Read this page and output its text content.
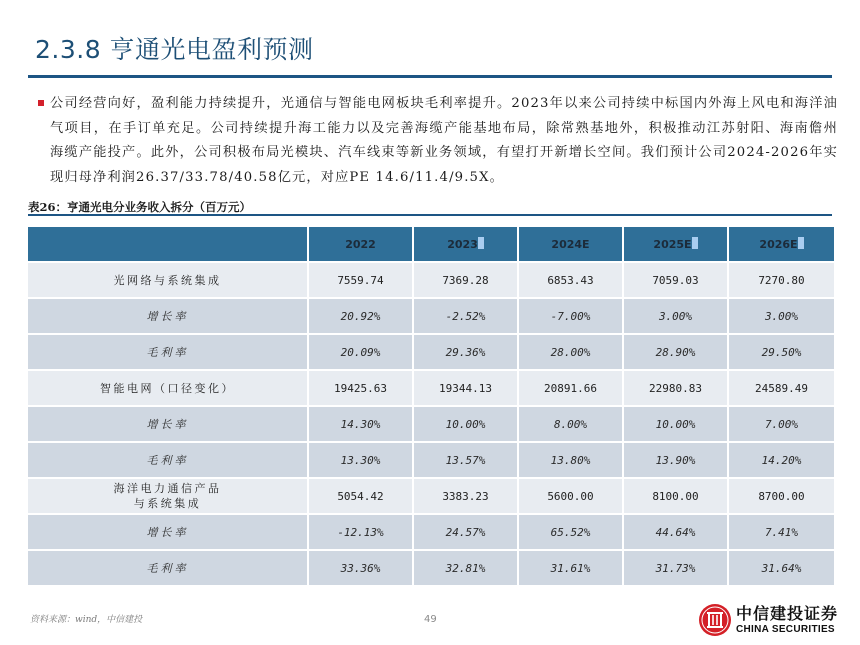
2.3.8 亨通光电盈利预测

公司经营向好，盈利能力持续提升，光通信与智能电网板块毛利率提升。2023年以来公司持续中标国内外海上风电和海洋油气项目，在手订单充足。公司持续提升海工能力以及完善海缆产能基地布局，除常熟基地外，积极推动江苏射阳、海南儋州海缆产能投产。此外，公司积极布局光模块、汽车线束等新业务领域，有望打开新增长空间。我们预计公司2024-2026年实现归母净利润26.37/33.78/40.58亿元，对应PE 14.6/11.4/9.5X。

表26：亨通光电分业务收入拆分（百万元）
	2022	2023	2024E	2025E	2026E
光网络与系统集成	7559.74	7369.28	6853.43	7059.03	7270.80
增长率	20.92%	-2.52%	-7.00%	3.00%	3.00%
毛利率	20.09%	29.36%	28.00%	28.90%	29.50%
智能电网（口径变化）	19425.63	19344.13	20891.66	22980.83	24589.49
增长率	14.30%	10.00%	8.00%	10.00%	7.00%
毛利率	13.30%	13.57%	13.80%	13.90%	14.20%

海洋电力通信产品
与系统集成	5054.42	3383.23	5600.00	8100.00	8700.00
增长率	-12.13%	24.57%	65.52%	44.64%	7.41%
毛利率	33.36%	32.81%	31.61%	31.73%	31.64%
资料来源：wind，中信建投	49	中信建投证券
CHINA SECURITIES
